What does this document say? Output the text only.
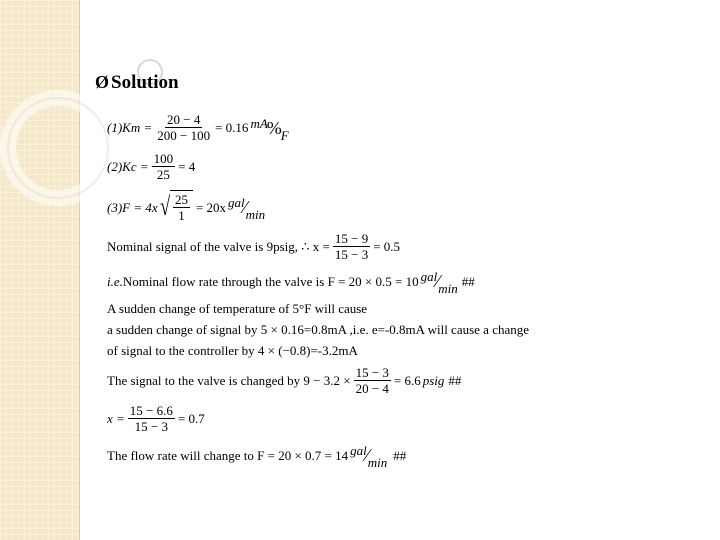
Ø Solution
$(1)Km = \frac{20 - 4}{200 - 100} = 0.16$ mA%F
$(2)Kc = \frac{100}{25} = 4$
(3)F = 4x √ $\frac{25}{1} = 20x$ gal⁄min
Nominal signal of the valve is 9psig, ∴ $x = \frac{15 - 9}{15 - 3} = 0.5$
i.e. Nominal flow rate through the valve is F = 20 × 0.5 = 10 gal⁄min ##
A sudden change of temperature of 5°F will cause
a sudden change of signal by 5 × 0.16=0.8mA ,i.e. e=-0.8mA will cause a change
of signal to the controller by 4 × (−0.8)=-3.2mA
The signal to the valve is changed by $9 - 3.2 \times \frac{15 - 3}{20 - 4} = 6.6$ psig ##
$x = \frac{15 - 6.6}{15 - 3} = 0.7$
The flow rate will change to F = 20 × 0.7 = 14 gal⁄min ##
